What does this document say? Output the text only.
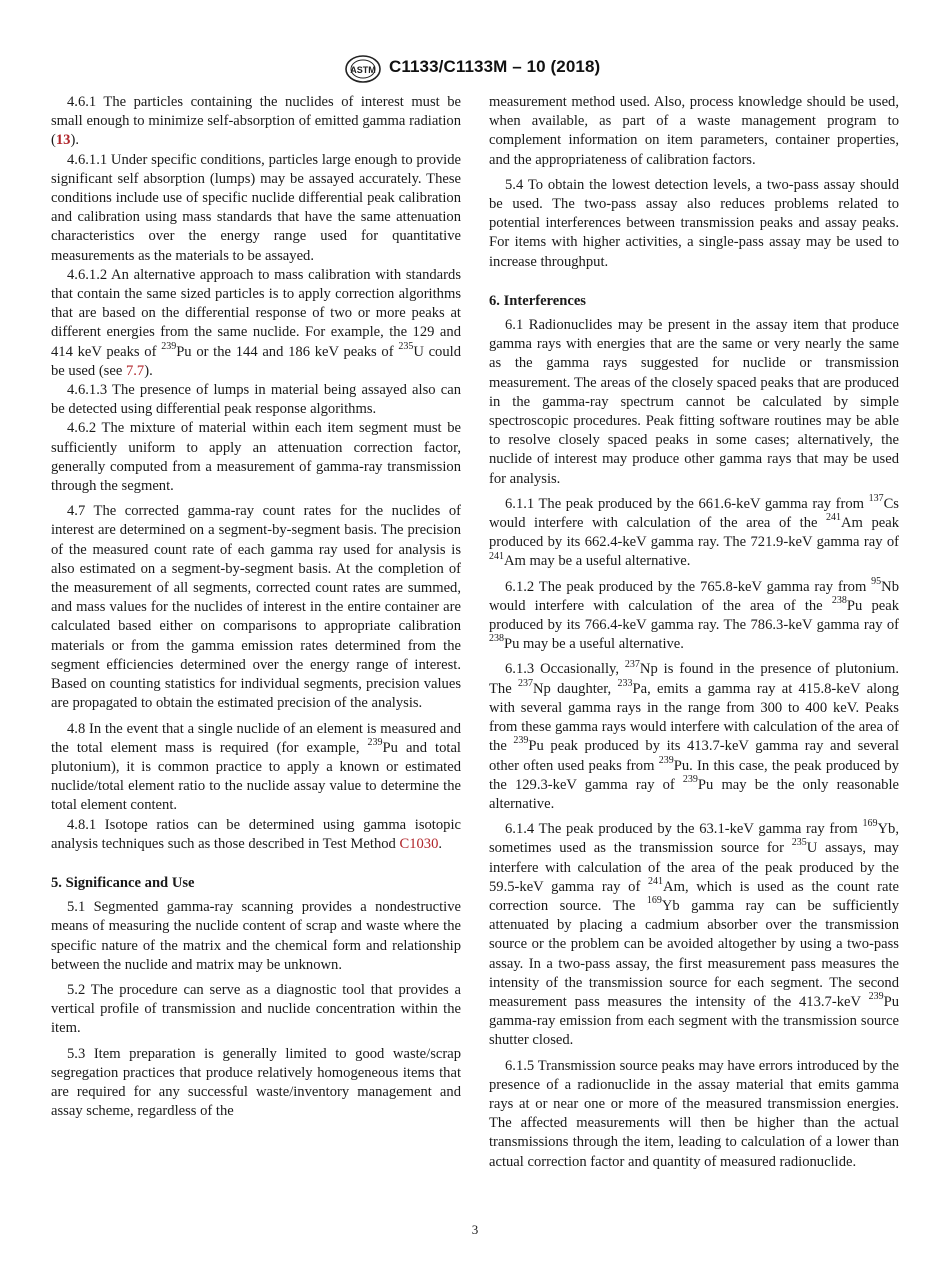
ASTM C1133/C1133M – 10 (2018)

4.6.1 The particles containing the nuclides of interest must be small enough to minimize self-absorption of emitted gamma radiation (13).

4.6.1.1 Under specific conditions, particles large enough to provide significant self absorption (lumps) may be assayed accurately. These conditions include use of specific nuclide differential peak calibration and calibration using mass standards that have the same attenuation characteristics over the energy range used for quantitative measurements as the materials to be assayed.

4.6.1.2 An alternative approach to mass calibration with standards that contain the same sized particles is to apply correction algorithms that are based on the differential response of two or more peaks at different energies from the same nuclide. For example, the 129 and 414 keV peaks of $^{239}$Pu or the 144 and 186 keV peaks of $^{235}$U could be used (see 7.7).

4.6.1.3 The presence of lumps in material being assayed also can be detected using differential peak response algorithms.

4.6.2 The mixture of material within each item segment must be sufficiently uniform to apply an attenuation correction factor, generally computed from a measurement of gamma-ray transmission through the segment.

4.7 The corrected gamma-ray count rates for the nuclides of interest are determined on a segment-by-segment basis. The precision of the measured count rate of each gamma ray used for analysis is also estimated on a segment-by-segment basis. At the completion of the measurement of all segments, corrected count rates are summed, and mass values for the nuclides of interest in the entire container are calculated based either on comparisons to appropriate calibration materials or from the gamma emission rates determined from the segment efficiencies determined over the energy range of interest. Based on counting statistics for individual segments, precision values are propagated to obtain the estimated precision of the analysis.

4.8 In the event that a single nuclide of an element is measured and the total element mass is required (for example, $^{239}$Pu and total plutonium), it is common practice to apply a known or estimated nuclide/total element ratio to the nuclide assay value to determine the total element content.

4.8.1 Isotope ratios can be determined using gamma isotopic analysis techniques such as those described in Test Method C1030.

5. Significance and Use

5.1 Segmented gamma-ray scanning provides a nondestructive means of measuring the nuclide content of scrap and waste where the specific nature of the matrix and the chemical form and relationship between the nuclide and matrix may be unknown.

5.2 The procedure can serve as a diagnostic tool that provides a vertical profile of transmission and nuclide concentration within the item.

5.3 Item preparation is generally limited to good waste/scrap segregation practices that produce relatively homogeneous items that are required for any successful waste/inventory management and assay scheme, regardless of the

measurement method used. Also, process knowledge should be used, when available, as part of a waste management program to complement information on item parameters, container properties, and the appropriateness of calibration factors.

5.4 To obtain the lowest detection levels, a two-pass assay should be used. The two-pass assay also reduces problems related to potential interferences between transmission peaks and assay peaks. For items with higher activities, a single-pass assay may be used to increase throughput.

6. Interferences

6.1 Radionuclides may be present in the assay item that produce gamma rays with energies that are the same or very nearly the same as the gamma rays suggested for nuclide or transmission measurement. The areas of the closely spaced peaks that are produced in the gamma-ray spectrum cannot be calculated by simple spectroscopic procedures. Peak fitting software routines may be able to resolve closely spaced peaks in some cases; alternatively, the nuclide of interest may produce other gamma rays that may be used for analysis.

6.1.1 The peak produced by the 661.6-keV gamma ray from $^{137}$Cs would interfere with calculation of the area of the $^{241}$Am peak produced by its 662.4-keV gamma ray. The 721.9-keV gamma ray of $^{241}$Am may be a useful alternative.

6.1.2 The peak produced by the 765.8-keV gamma ray from $^{95}$Nb would interfere with calculation of the area of the $^{238}$Pu peak produced by its 766.4-keV gamma ray. The 786.3-keV gamma ray of $^{238}$Pu may be a useful alternative.

6.1.3 Occasionally, $^{237}$Np is found in the presence of plutonium. The $^{237}$Np daughter, $^{233}$Pa, emits a gamma ray at 415.8-keV along with several gamma rays in the range from 300 to 400 keV. Peaks from these gamma rays would interfere with calculation of the area of the $^{239}$Pu peak produced by its 413.7-keV gamma ray and several other often used peaks from $^{239}$Pu. In this case, the peak produced by the 129.3-keV gamma ray of $^{239}$Pu may be the only reasonable alternative.

6.1.4 The peak produced by the 63.1-keV gamma ray from $^{169}$Yb, sometimes used as the transmission source for $^{235}$U assays, may interfere with calculation of the area of the peak produced by the 59.5-keV gamma ray of $^{241}$Am, which is used as the count rate correction source. The $^{169}$Yb gamma ray can be sufficiently attenuated by placing a cadmium absorber over the transmission source or the problem can be avoided altogether by using a two-pass assay. In a two-pass assay, the first measurement pass measures the intensity of the transmission source for each segment. The second measurement pass measures the intensity of the 413.7-keV $^{239}$Pu gamma-ray emission from each segment with the transmission source shutter closed.

6.1.5 Transmission source peaks may have errors introduced by the presence of a radionuclide in the assay material that emits gamma rays at or near one or more of the measured transmission energies. The affected measurements will then be higher than the actual transmissions through the item, leading to calculation of a lower than actual correction factor and quantity of measured radionuclide.

3
